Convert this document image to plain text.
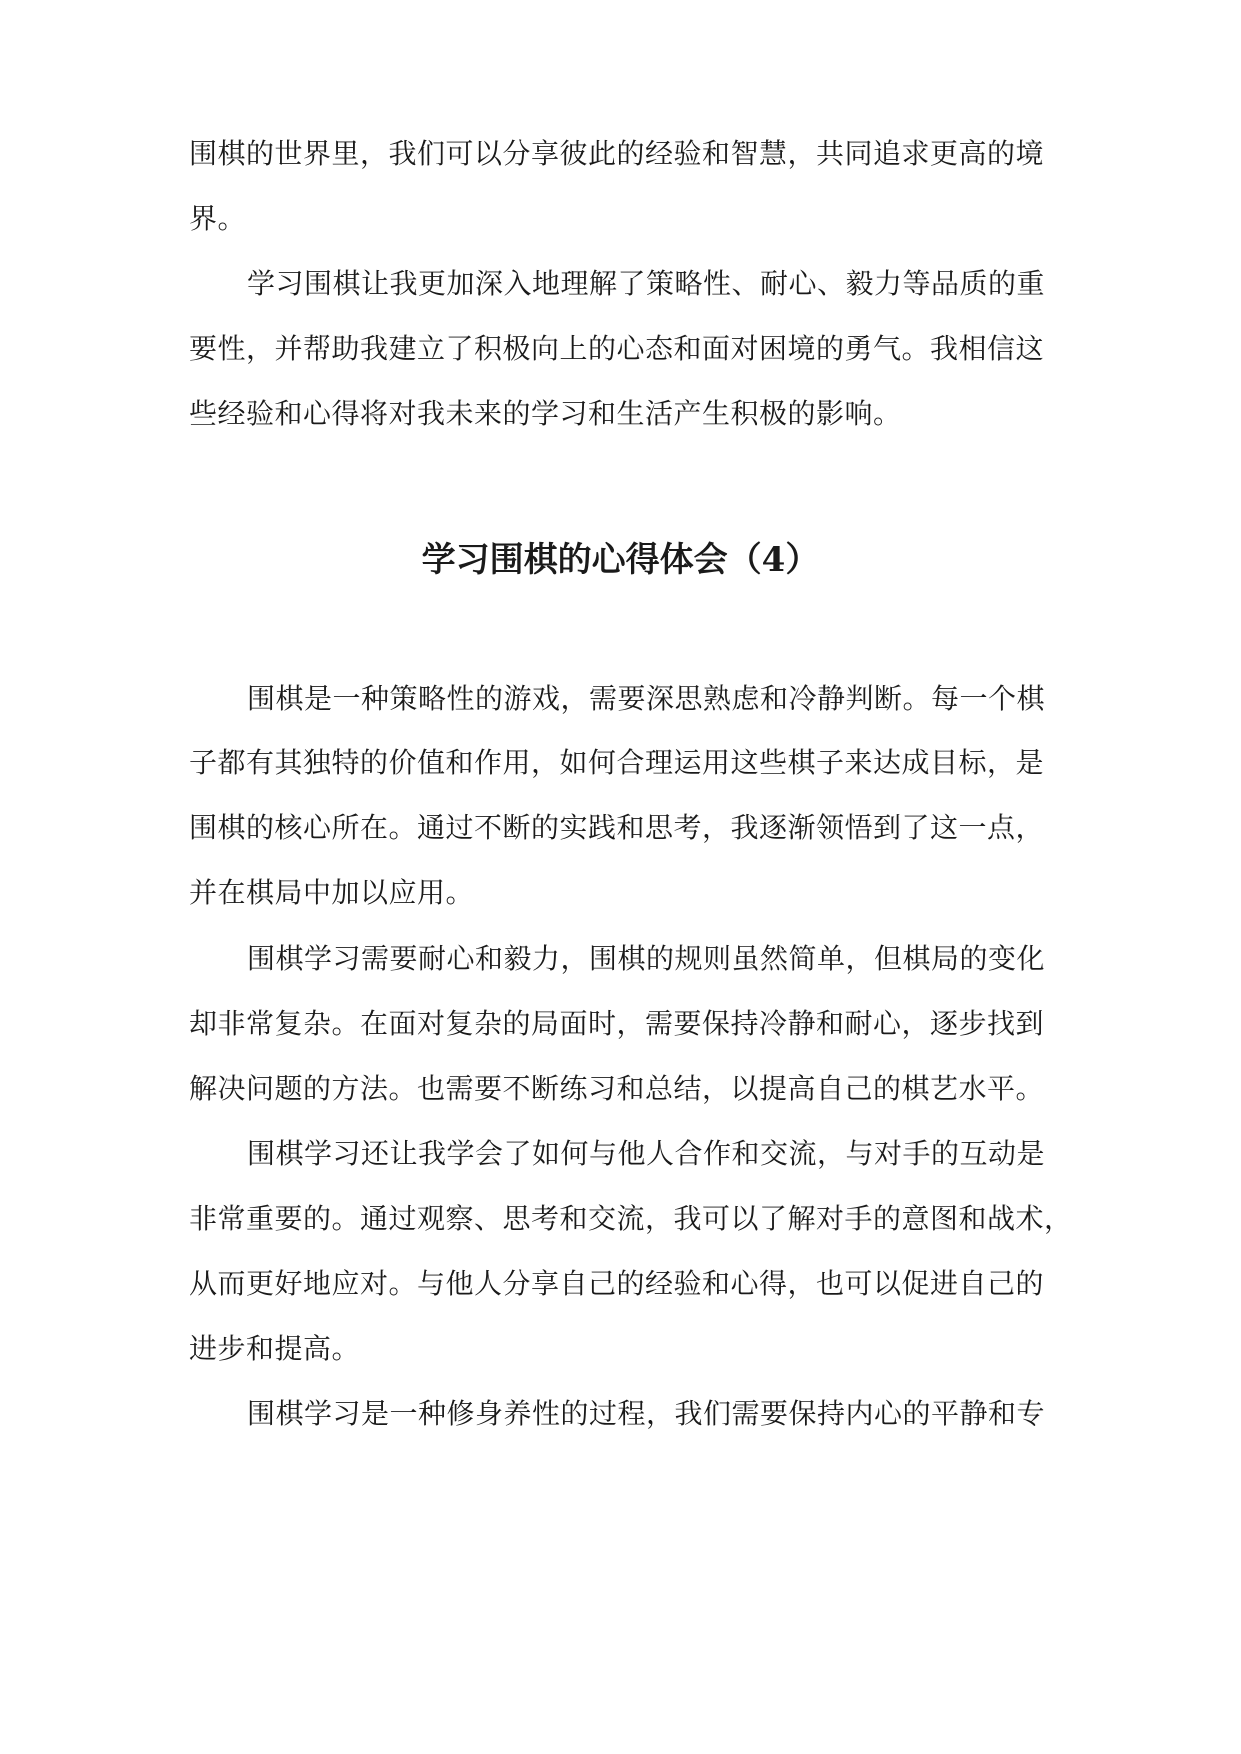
围棋的世界里，我们可以分享彼此的经验和智慧，共同追求更高的境
界。
学习围棋让我更加深入地理解了策略性、耐心、毅力等品质的重
要性，并帮助我建立了积极向上的心态和面对困境的勇气。我相信这
些经验和心得将对我未来的学习和生活产生积极的影响。
学习围棋的心得体会（4）
围棋是一种策略性的游戏，需要深思熟虑和冷静判断。每一个棋
子都有其独特的价值和作用，如何合理运用这些棋子来达成目标，是
围棋的核心所在。通过不断的实践和思考，我逐渐领悟到了这一点，
并在棋局中加以应用。
围棋学习需要耐心和毅力，围棋的规则虽然简单，但棋局的变化
却非常复杂。在面对复杂的局面时，需要保持冷静和耐心，逐步找到
解决问题的方法。也需要不断练习和总结，以提高自己的棋艺水平。
围棋学习还让我学会了如何与他人合作和交流，与对手的互动是
非常重要的。通过观察、思考和交流，我可以了解对手的意图和战术，
从而更好地应对。与他人分享自己的经验和心得，也可以促进自己的
进步和提高。
围棋学习是一种修身养性的过程，我们需要保持内心的平静和专
